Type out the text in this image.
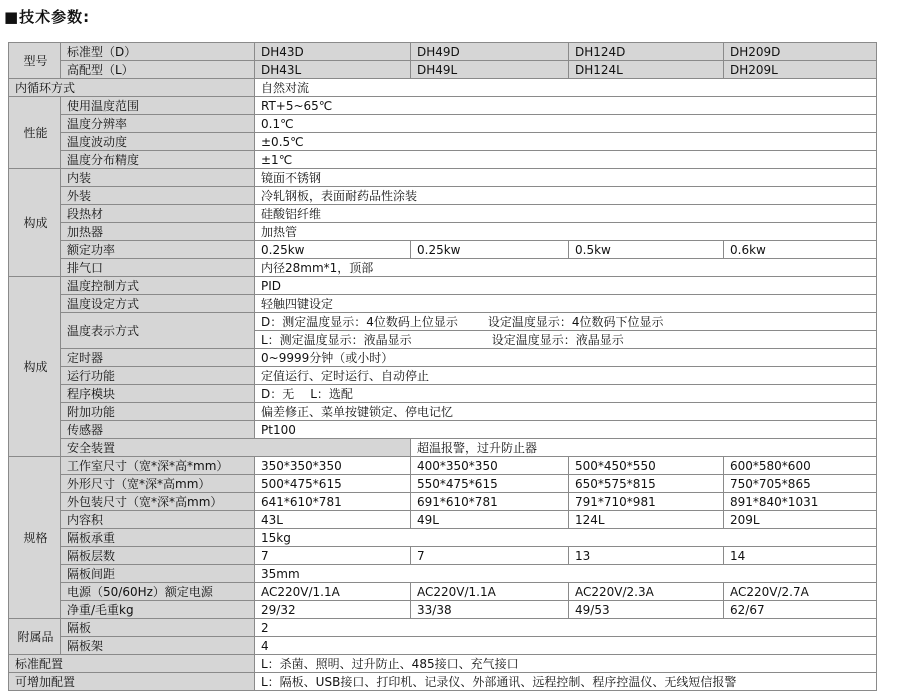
■技术参数:
型号	标准型（D）	DH43D	DH49D	DH124D	DH209D
	高配型（L）	DH43L	DH49L	DH124L	DH209L
内循环方式		自然对流			
性能	使用温度范围	RT+5~65℃			
	温度分辨率	0.1℃			
	温度波动度	±0.5℃			
	温度分布精度	±1℃			
构成	内装	镜面不锈钢			
	外装	冷轧钢板，表面耐药品性涂装			
	段热材	硅酸铝纤维			
	加热器	加热管			
	额定功率	0.25kw	0.25kw	0.5kw	0.6kw
	排气口	内径28mm*1，顶部			
构成	温度控制方式	PID			
	温度设定方式	轻触四键设定			
	温度表示方式	D：测定温度显示：4位数码上位显示 设定温度显示：4位数码下位显示			
		L：测定温度显示：液晶显示 设定温度显示：液晶显示			
	定时器	0~9999分钟（或小时）			
	运行功能	定值运行、定时运行、自动停止			
	程序模块	D：无 L：选配			
	附加功能	偏差修正、菜单按键锁定、停电记忆			
	传感器	Pt100			
	安全装置		超温报警，过升防止器		
规格	工作室尺寸（宽*深*高*mm）	350*350*350	400*350*350	500*450*550	600*580*600
	外形尺寸（宽*深*高mm）	500*475*615	550*475*615	650*575*815	750*705*865
	外包装尺寸（宽*深*高mm）	641*610*781	691*610*781	791*710*981	891*840*1031
	内容积	43L	49L	124L	209L
	隔板承重	15kg			
	隔板层数	7	7	13	14
	隔板间距	35mm			
	电源（50/60Hz）额定电源	AC220V/1.1A	AC220V/1.1A	AC220V/2.3A	AC220V/2.7A
	净重/毛重kg	29/32	33/38	49/53	62/67
附属品	隔板	2			
	隔板架	4			
标准配置		L：杀菌、照明、过升防止、485接口、充气接口			
可增加配置		L：隔板、USB接口、打印机、记录仪、外部通讯、远程控制、程序控温仪、无线短信报警			
